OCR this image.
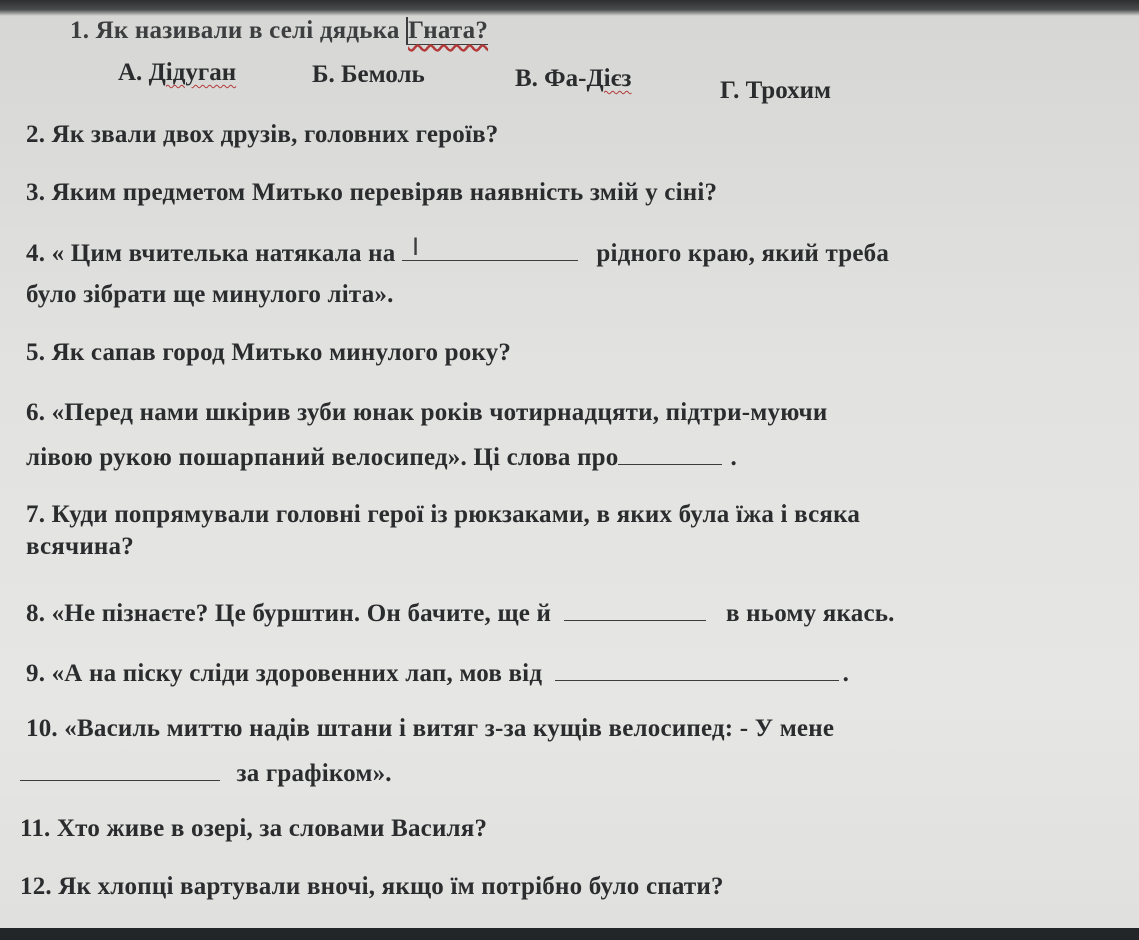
1. Як називали в селі дядька Гната?

А. Дідуган	Б. Бемоль	В. Фа-Дієз	Г. Трохим

2. Як звали двох друзів, головних героїв?

3. Яким предметом Митько перевіряв наявність змій у сіні?

4. « Цим вчителька натякала на I	рідного краю, який треба

було зібрати ще минулого літа».

5. Як сапав город Митько минулого року?

6. «Перед нами шкірив зуби юнак років чотирнадцяти, підтри-муючи

лівою рукою пошарпаний велосипед». Ці слова про	.

7. Куди попрямували головні герої із рюкзаками, в яких була їжа і всяка

всячина?

8. «Не пізнаєте? Це бурштин. Он бачите, ще й	в ньому якась.

9. «А на піску сліди здоровенних лап, мов від	.

10. «Василь миттю надів штани і витяг з-за кущів велосипед: - У мене

за графіком».

11. Хто живе в озері, за словами Василя?

12. Як хлопці вартували вночі, якщо їм потрібно було спати?
